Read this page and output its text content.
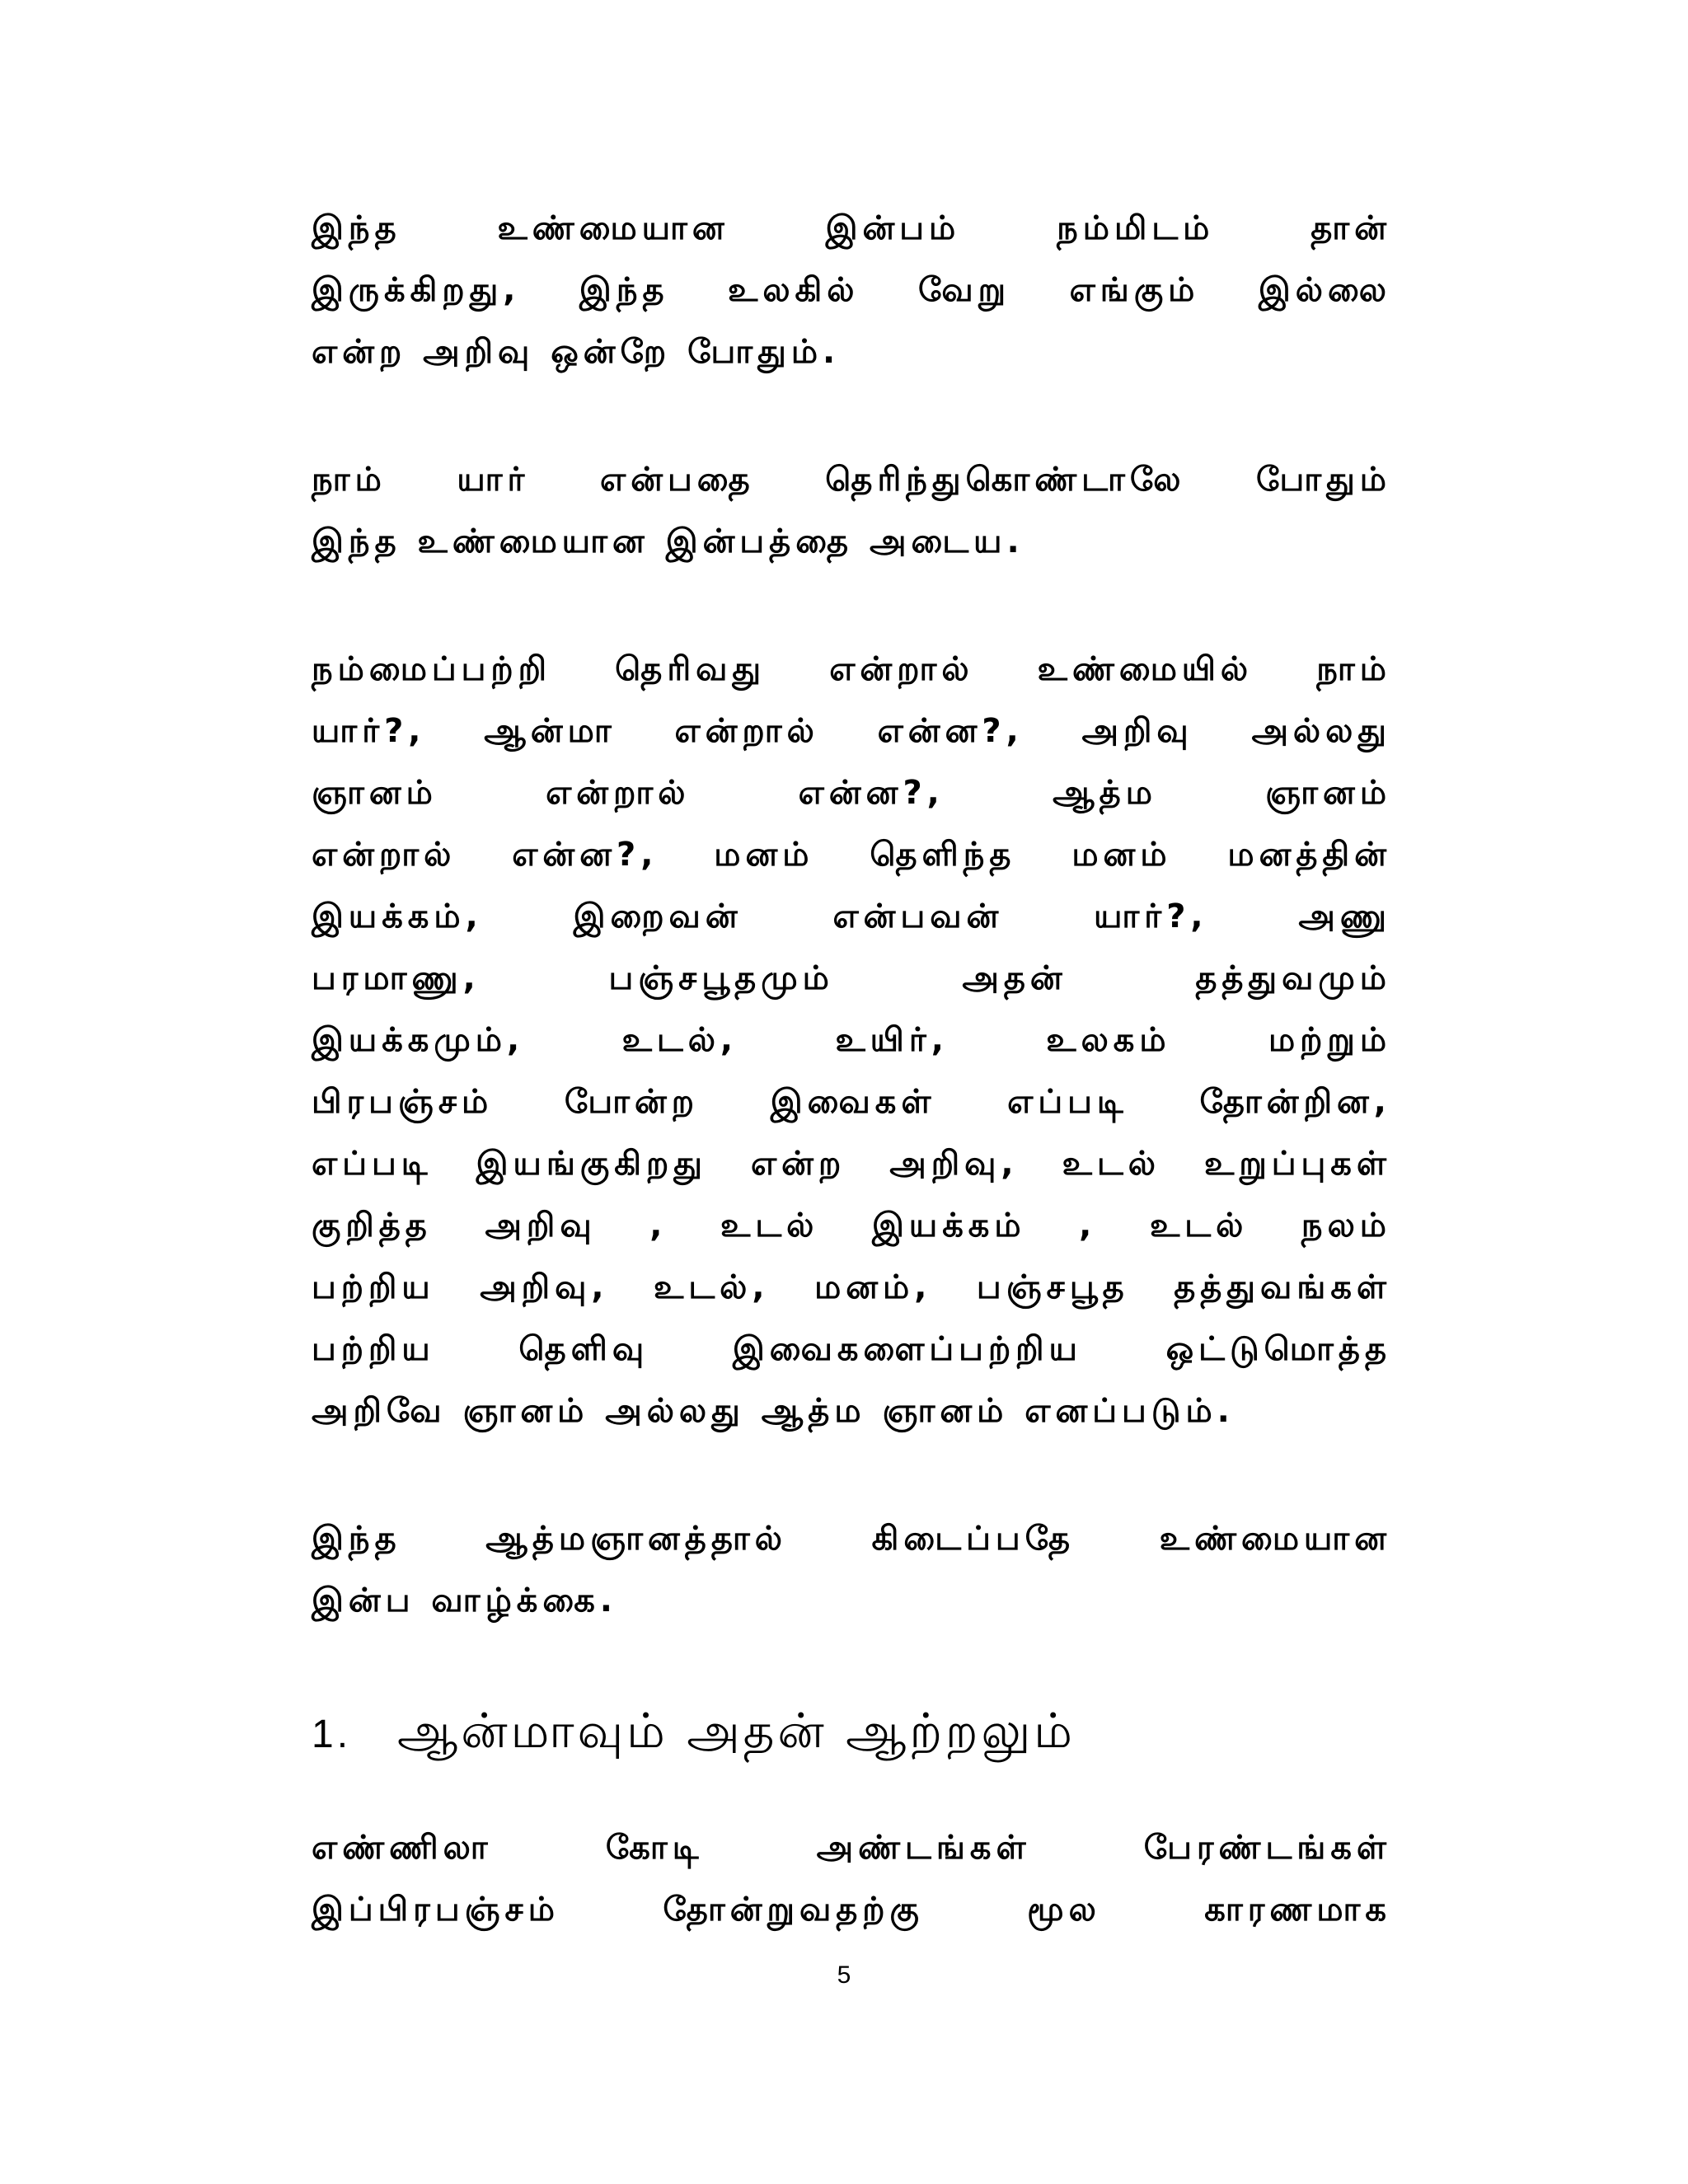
இந்த உண்மையான இன்பம் நம்மிடம் தான்
இருக்கிறது, இந்த உலகில் வேறு எங்கும் இல்லை
என்ற அறிவு ஒன்றே போதும்.
நாம் யார் என்பதை தெரிந்துகொண்டாலே போதும்
இந்த உண்மையான இன்பத்தை அடைய.
நம்மைப்பற்றி தெரிவது என்றால் உண்மையில் நாம்
யார்?, ஆன்மா என்றால் என்ன?, அறிவு அல்லது
ஞானம் என்றால் என்ன?, ஆத்ம ஞானம்
என்றால் என்ன?, மனம் தெளிந்த மனம் மனத்தின்
இயக்கம், இறைவன் என்பவன் யார்?, அணு
பரமாணு, பஞ்சபூதமும் அதன் தத்துவமும்
இயக்கமும், உடல், உயிர், உலகம் மற்றும்
பிரபஞ்சம் போன்ற இவைகள் எப்படி தோன்றின,
எப்படி இயங்குகிறது என்ற அறிவு, உடல் உறுப்புகள்
குறித்த அறிவு , உடல் இயக்கம் , உடல் நலம்
பற்றிய அறிவு, உடல், மனம், பஞ்சபூத தத்துவங்கள்
பற்றிய தெளிவு இவைகளைப்பற்றிய ஒட்டுமொத்த
அறிவே ஞானம் அல்லது ஆத்ம ஞானம் எனப்படும்.
இந்த ஆத்மஞானத்தால் கிடைப்பதே உண்மையான
இன்ப வாழ்க்கை.
1. ஆன்மாவும் அதன் ஆற்றலும்
எண்ணிலா கோடி அண்டங்கள் பேரண்டங்கள்
இப்பிரபஞ்சம் தோன்றுவதற்கு மூல காரணமாக
5
